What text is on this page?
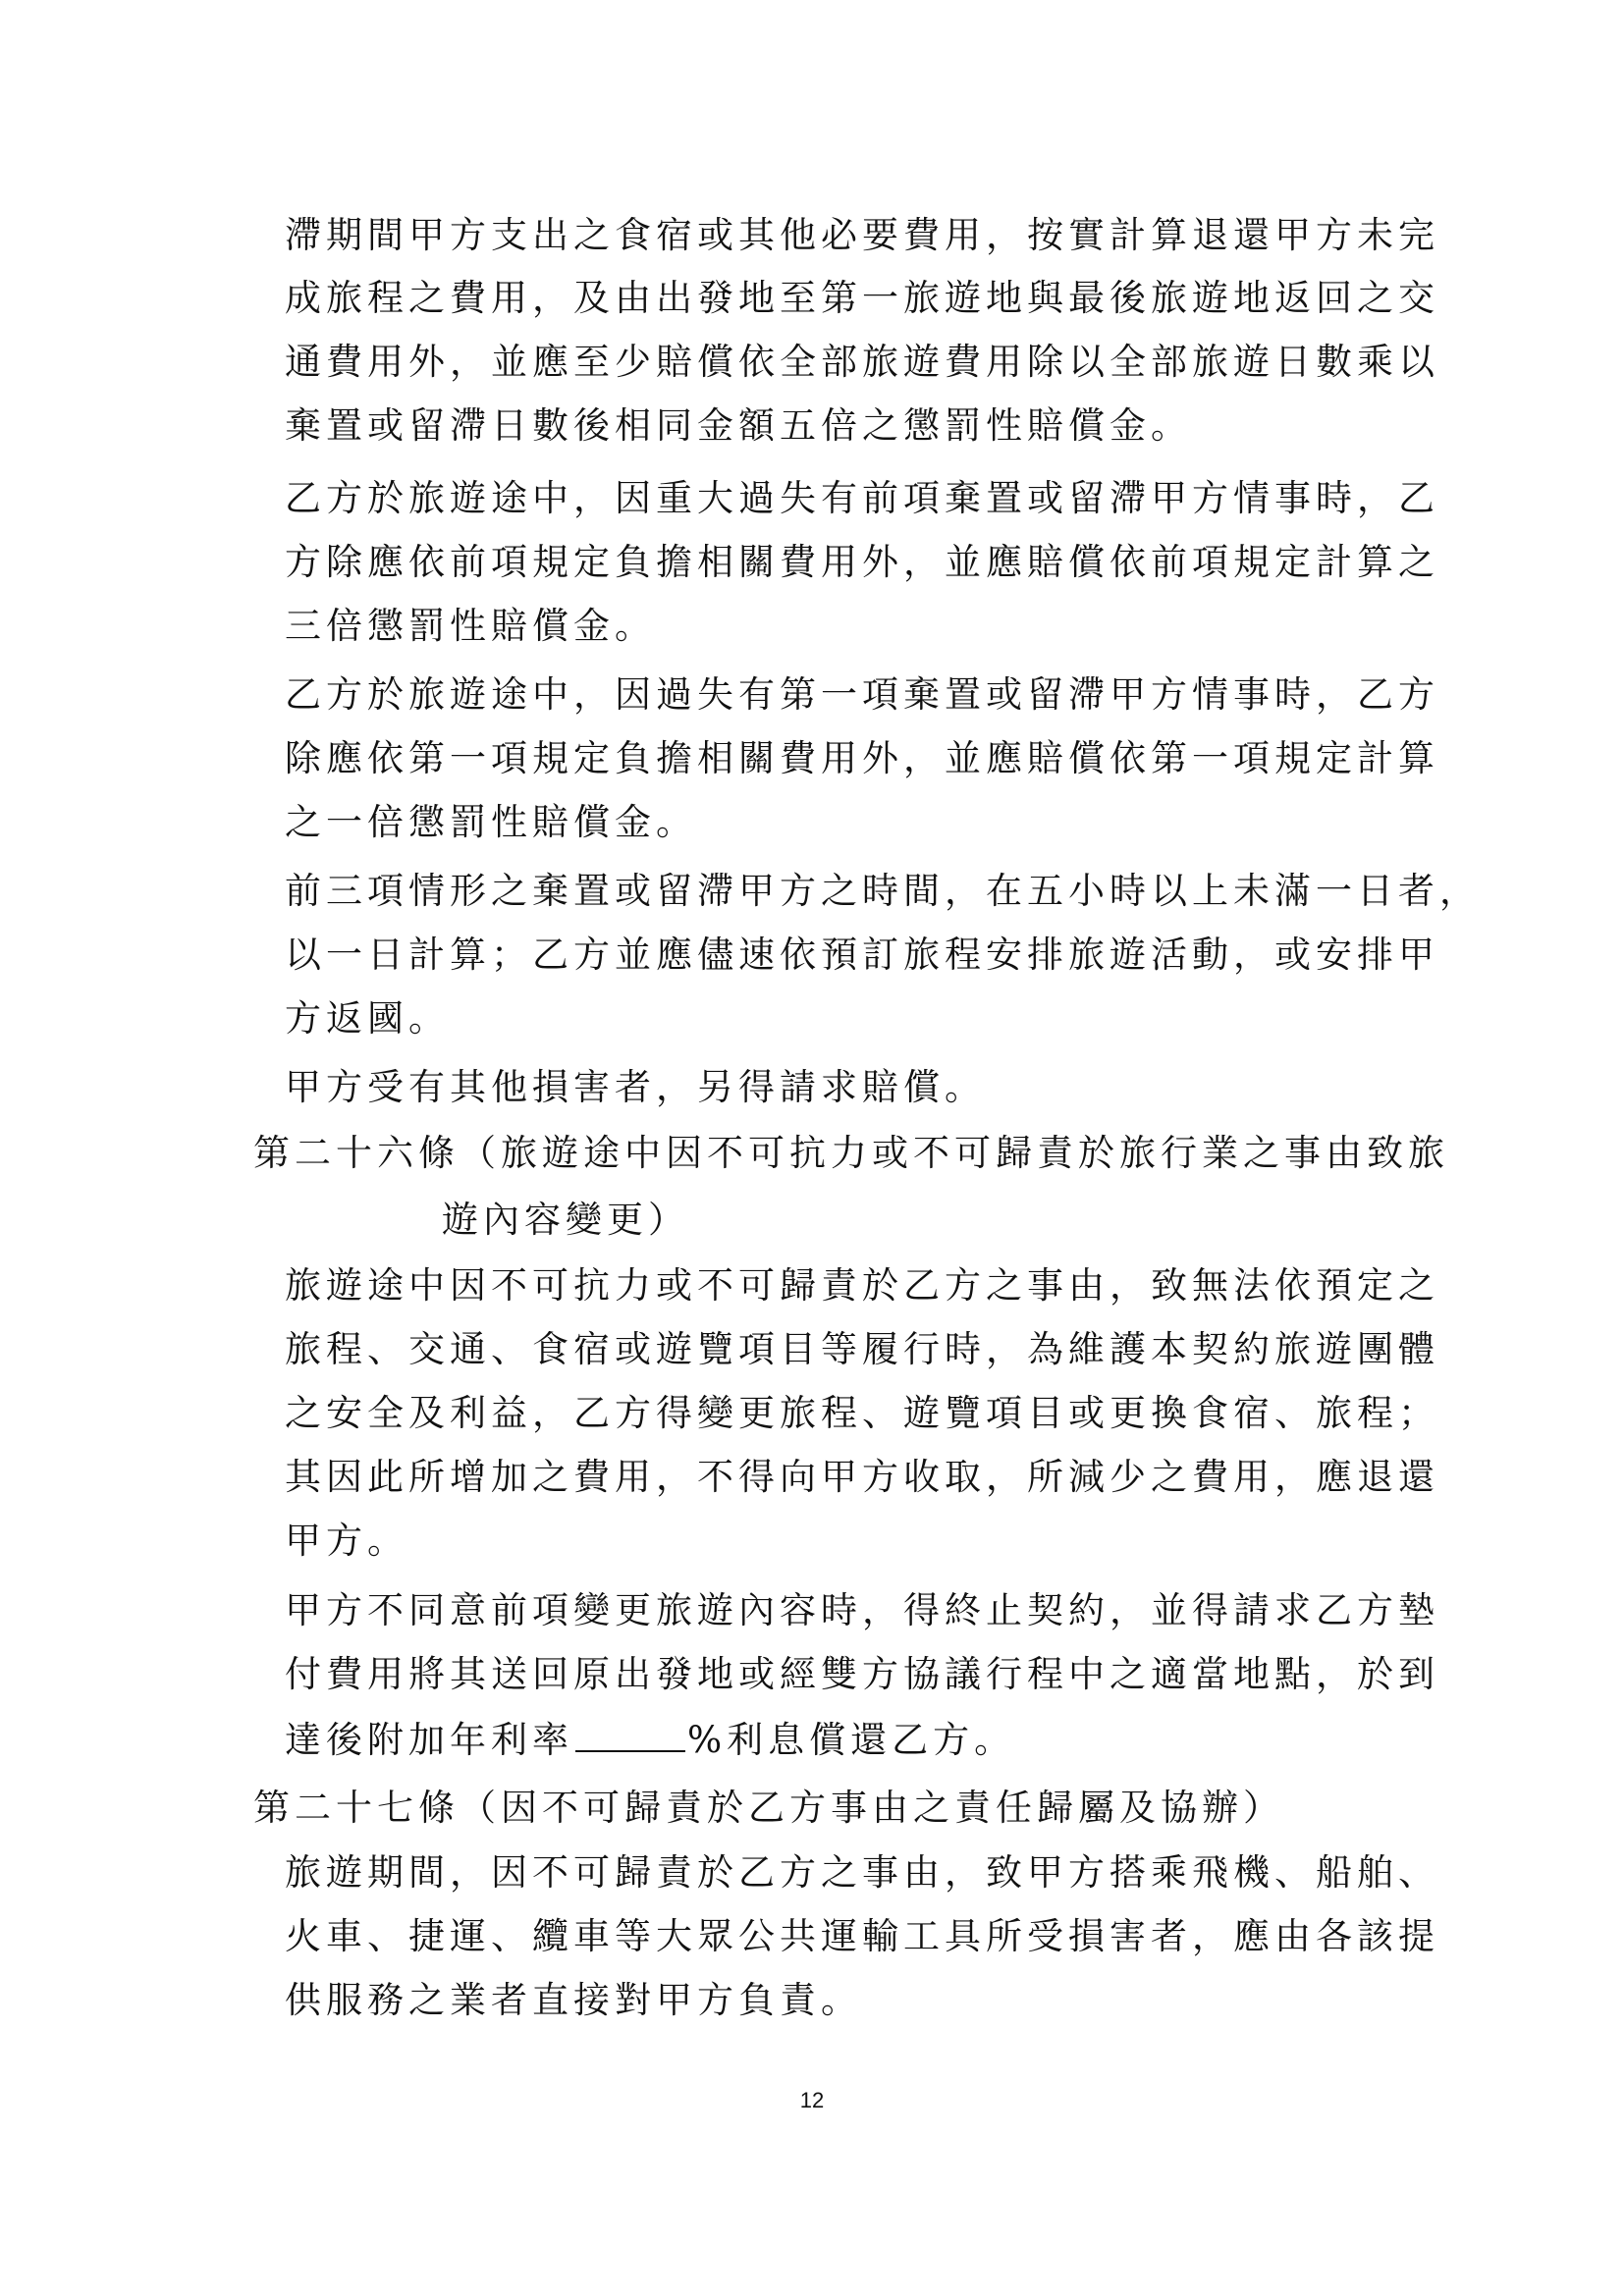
滯期間甲方支出之食宿或其他必要費用，按實計算退還甲方未完
成旅程之費用，及由出發地至第一旅遊地與最後旅遊地返回之交
通費用外，並應至少賠償依全部旅遊費用除以全部旅遊日數乘以
棄置或留滯日數後相同金額五倍之懲罰性賠償金。
乙方於旅遊途中，因重大過失有前項棄置或留滯甲方情事時，乙
方除應依前項規定負擔相關費用外，並應賠償依前項規定計算之
三倍懲罰性賠償金。
乙方於旅遊途中，因過失有第一項棄置或留滯甲方情事時，乙方
除應依第一項規定負擔相關費用外，並應賠償依第一項規定計算
之一倍懲罰性賠償金。
前三項情形之棄置或留滯甲方之時間，在五小時以上未滿一日者，
以一日計算；乙方並應儘速依預訂旅程安排旅遊活動，或安排甲
方返國。
甲方受有其他損害者，另得請求賠償。
第二十六條（旅遊途中因不可抗力或不可歸責於旅行業之事由致旅
遊內容變更）
旅遊途中因不可抗力或不可歸責於乙方之事由，致無法依預定之
旅程、交通、食宿或遊覽項目等履行時，為維護本契約旅遊團體
之安全及利益，乙方得變更旅程、遊覽項目或更換食宿、旅程；
其因此所增加之費用，不得向甲方收取，所減少之費用，應退還
甲方。
甲方不同意前項變更旅遊內容時，得終止契約，並得請求乙方墊
付費用將其送回原出發地或經雙方協議行程中之適當地點，於到
達後附加年利率	%利息償還乙方。
第二十七條（因不可歸責於乙方事由之責任歸屬及協辦）
旅遊期間，因不可歸責於乙方之事由，致甲方搭乘飛機、船舶、
火車、捷運、纜車等大眾公共運輸工具所受損害者，應由各該提
供服務之業者直接對甲方負責。
12
